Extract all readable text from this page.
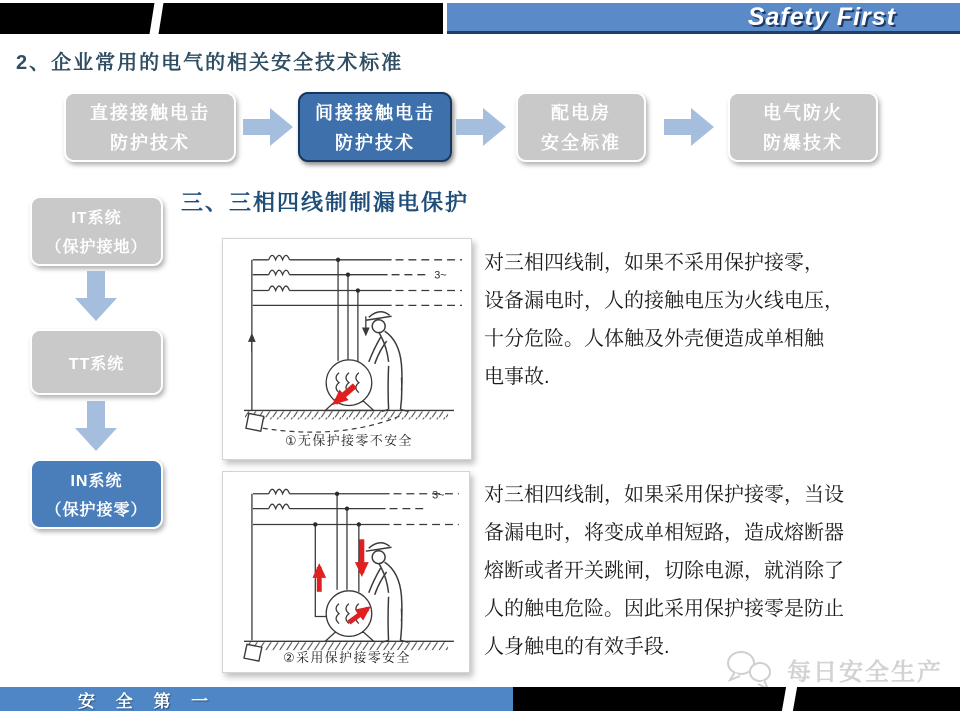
Safety First
2、企业常用的电气的相关安全技术标准
直接接触电击
防护技术
间接接触电击
防护技术
配电房
安全标准
电气防火
防爆技术
IT系统
（保护接地）
TT系统
IN系统
（保护接零）
三、三相四线制制漏电保护
3~
①无保护接零不安全
对三相四线制，如果不采用保护接零，
设备漏电时，人的接触电压为火线电压，
十分危险。人体触及外壳便造成单相触
电事故.
3~
②采用保护接零安全
对三相四线制，如果采用保护接零，当设
备漏电时，将变成单相短路，造成熔断器
熔断或者开关跳闸，切除电源，就消除了
人的触电危险。因此采用保护接零是防止
人身触电的有效手段.
每日安全生产
安 全 第 一
